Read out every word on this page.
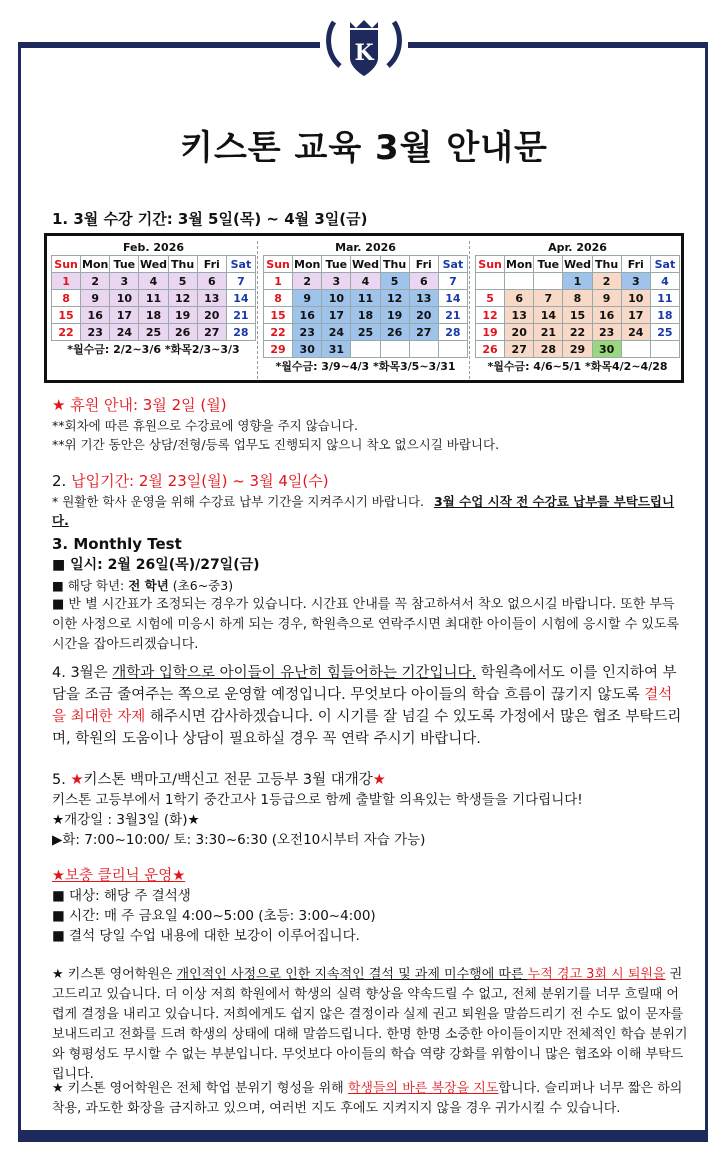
K
키스톤 교육 3월 안내문
1. 3월 수강 기간: 3월 5일(목) ~ 4월 3일(금)
Feb. 2026						
Sun	Mon	Tue	Wed	Thu	Fri	Sat
1	2	3	4	5	6	7
8	9	10	11	12	13	14
15	16	17	18	19	20	21
22	23	24	25	26	27	28
*월수금: 2/2~3/6 *화목2/3~3/3						
Mar. 2026						
Sun	Mon	Tue	Wed	Thu	Fri	Sat
1	2	3	4	5	6	7
8	9	10	11	12	13	14
15	16	17	18	19	20	21
22	23	24	25	26	27	28
29	30	31				
*월수금: 3/9~4/3 *화목3/5~3/31						
Apr. 2026						
Sun	Mon	Tue	Wed	Thu	Fri	Sat
			1	2	3	4
5	6	7	8	9	10	11
12	13	14	15	16	17	18
19	20	21	22	23	24	25
26	27	28	29	30		
*월수금: 4/6~5/1 *화목4/2~4/28						
★ 휴원 안내: 3월 2일 (월)
**회차에 따른 휴원으로 수강료에 영향을 주지 않습니다.
**위 기간 동안은 상담/전형/등록 업무도 진행되지 않으니 착오 없으시길 바랍니다.
2. 납입기간: 2월 23일(월) ~ 3월 4일(수)
* 원활한 학사 운영을 위해 수강료 납부 기간을 지켜주시기 바랍니다. 3월 수업 시작 전 수강료 납부를 부탁드립니다.
3. Monthly Test
■ 일시: 2월 26일(목)/27일(금)
■ 해당 학년: 전 학년 (초6~중3)
■ 반 별 시간표가 조정되는 경우가 있습니다. 시간표 안내를 꼭 참고하셔서 착오 없으시길 바랍니다. 또한 부득이한 사정으로 시험에 미응시 하게 되는 경우, 학원측으로 연락주시면 최대한 아이들이 시험에 응시할 수 있도록 시간을 잡아드리겠습니다.
4. 3월은 개학과 입학으로 아이들이 유난히 힘들어하는 기간입니다. 학원측에서도 이를 인지하여 부담을 조금 줄여주는 쪽으로 운영할 예정입니다. 무엇보다 아이들의 학습 흐름이 끊기지 않도록 결석을 최대한 자제 해주시면 감사하겠습니다. 이 시기를 잘 넘길 수 있도록 가정에서 많은 협조 부탁드리며, 학원의 도움이나 상담이 필요하실 경우 꼭 연락 주시기 바랍니다.
5. ★키스톤 백마고/백신고 전문 고등부 3월 대개강★
키스톤 고등부에서 1학기 중간고사 1등급으로 함께 출발할 의욕있는 학생들을 기다립니다!
★개강일 : 3월3일 (화)★
▶화: 7:00~10:00/ 토: 3:30~6:30 (오전10시부터 자습 가능)
★보충 클리닉 운영★
■ 대상: 해당 주 결석생
■ 시간: 매 주 금요일 4:00~5:00 (초등: 3:00~4:00)
■ 결석 당일 수업 내용에 대한 보강이 이루어집니다.
★ 키스톤 영어학원은 개인적인 사정으로 인한 지속적인 결석 및 과제 미수행에 따른 누적 경고 3회 시 퇴원을 권고드리고 있습니다. 더 이상 저희 학원에서 학생의 실력 향상을 약속드릴 수 없고, 전체 분위기를 너무 흐릴때 어렵게 결정을 내리고 있습니다. 저희에게도 쉽지 않은 결정이라 실제 권고 퇴원을 말씀드리기 전 수도 없이 문자를 보내드리고 전화를 드려 학생의 상태에 대해 말씀드립니다. 한명 한명 소중한 아이들이지만 전체적인 학습 분위기와 형평성도 무시할 수 없는 부분입니다. 무엇보다 아이들의 학습 역량 강화를 위함이니 많은 협조와 이해 부탁드립니다.
★ 키스톤 영어학원은 전체 학업 분위기 형성을 위해 학생들의 바른 복장을 지도합니다. 슬리퍼나 너무 짧은 하의 착용, 과도한 화장을 금지하고 있으며, 여러번 지도 후에도 지켜지지 않을 경우 귀가시킬 수 있습니다.
